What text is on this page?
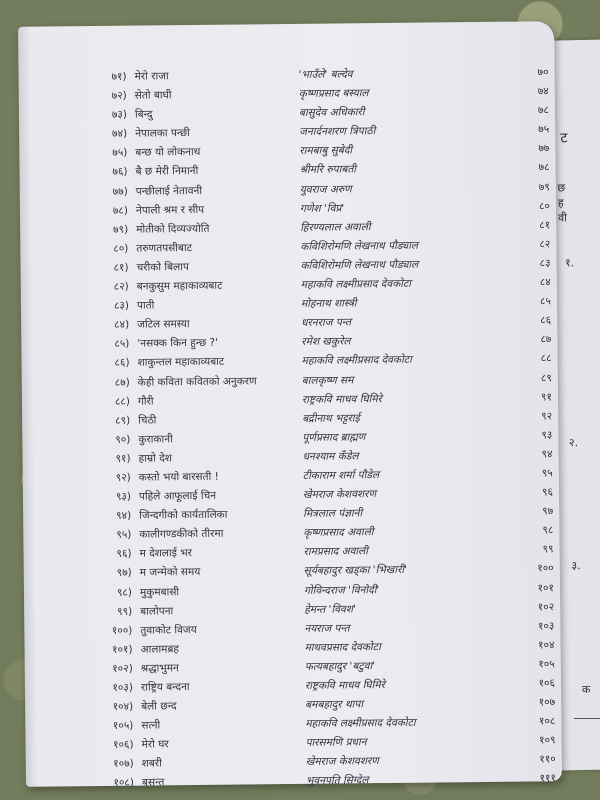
ट
छ
ह
वी
१.
२.
३.
क
७१) मेरो राजा	'भाउँले' बल्देव	७०
७२) सेतो बाघी	कृष्णप्रसाद बस्याल	७४
७३) बिन्दु	बासुदेव अधिकारी	७८
७४) नेपालका पन्छी	जनार्दनशरण त्रिपाठी	७५
७५) बन्छ यो लोकनाथ	रामबाबु सुबेदी	७७
७६) बै छ मेरी निमानी	श्रीमरि रुपाबती	७८
७७) पन्छीलाई नेतावनी	युवराज अरुण	७९
७८) नेपाली श्रम र सीप	गणेश 'विप्र'	८०
७९) मोतीको दिव्यज्योति	हिरण्यलाल अवाली	८१
८०) तरुणतपसीबाट	कविशिरोमणि लेखनाथ पौड्याल	८२
८१) चरीको बिलाप	कविशिरोमणि लेखनाथ पौड्याल	८३
८२) बनकुसुम महाकाव्यबाट	महाकवि लक्ष्मीप्रसाद देवकोटा	८४
८३) पाती	मोहनाथ शास्त्री	८५
८४) जटिल समस्या	धरनराज पन्त	८६
८५) 'नसक्क किन हुन्छ ?'	रमेश खकुरेल	८७
८६) शाकुन्तल महाकाव्यबाट	महाकवि लक्ष्मीप्रसाद देवकोटा	८८
८७) केही कविता कवितको अनुकरण	बालकृष्ण सम	८९
८८) गौरी	राष्ट्रकवि माधव घिमिरे	९१
८९) चिठी	बद्रीनाथ भट्टराई	९२
९०) कुराकानी	पूर्णप्रसाद ब्राह्मण	९३
९१) हाम्रो देश	धनश्याम कँडेल	९४
९२) कस्तो भयो बारसती !	टीकाराम शर्मा पौडेल	९५
९३) पहिले आफूलाई चिन	खेमराज केशवशरण	९६
९४) जिन्दगीको कार्यतालिका	मित्रलाल पंज्ञानी	९७
९५) कालीगण्डकीको तीरमा	कृष्णप्रसाद अवाली	९८
९६) म देशलाई भर	रामप्रसाद अवाली	९९
९७) म जन्मेको समय	सूर्यबहादुर खड्का 'भिखारी'	१००
९८) मुकुमबासी	गोविन्दराज 'विनोदी'	१०१
९९) बालोपना	हेमन्त 'विवश'	१०२
१००) तुवाकोट विजय	नयराज पन्त	१०३
१०१) आलामब्रह	माधवप्रसाद देवकोटा	१०४
१०२) श्रद्धाभुमन	फत्यबहादुर 'बटुवा'	१०५
१०३) राष्ट्रिय बन्दना	राष्ट्रकवि माधव घिमिरे	१०६
१०४) बेली छन्द	बमबहादुर थापा	१०७
१०५) सत्नी	महाकवि लक्ष्मीप्रसाद देवकोटा	१०८
१०६) मेरो घर	पारसमणि प्रधान	१०९
१०७) शबरी	खेमराज केशवशरण	११०
१०८) बसन्त	भुवनपति सिग्देल	१११
